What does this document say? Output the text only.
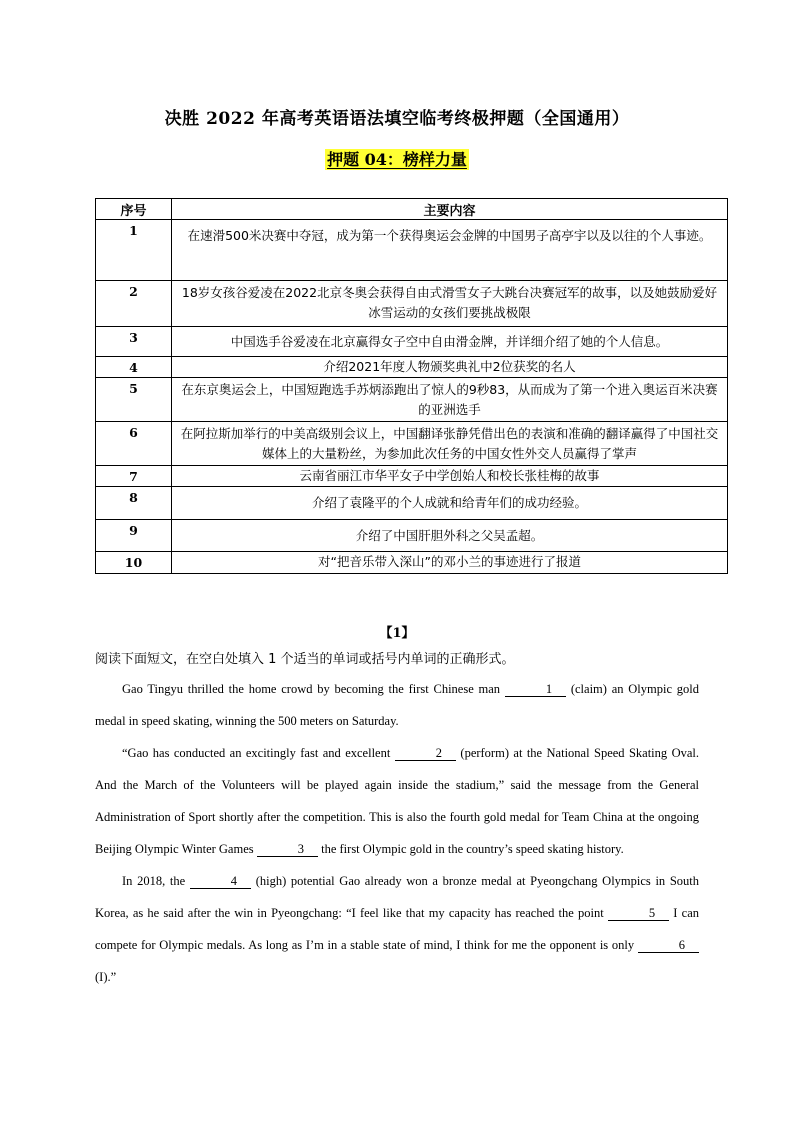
决胜 2022 年高考英语语法填空临考终极押题（全国通用）
押题 04：榜样力量
序号	主要内容
1	在速滑500米决赛中夺冠，成为第一个获得奥运会金牌的中国男子高亭宇以及以往的个人事迹。
2	18岁女孩谷爱凌在2022北京冬奥会获得自由式滑雪女子大跳台决赛冠军的故事，以及她鼓励爱好冰雪运动的女孩们要挑战极限
3	中国选手谷爱凌在北京赢得女子空中自由滑金牌，并详细介绍了她的个人信息。
4	介绍2021年度人物颁奖典礼中2位获奖的名人
5	在东京奥运会上，中国短跑选手苏炳添跑出了惊人的9秒83，从而成为了第一个进入奥运百米决赛的亚洲选手
6	在阿拉斯加举行的中美高级别会议上，中国翻译张静凭借出色的表演和准确的翻译赢得了中国社交媒体上的大量粉丝，为参加此次任务的中国女性外交人员赢得了掌声
7	云南省丽江市华平女子中学创始人和校长张桂梅的故事
8	介绍了袁隆平的个人成就和给青年们的成功经验。
9	介绍了中国肝胆外科之父吴孟超。
10	对“把音乐带入深山”的邓小兰的事迹进行了报道
【1】
阅读下面短文，在空白处填入 1 个适当的单词或括号内单词的正确形式。

Gao Tingyu thrilled the home crowd by becoming the first Chinese man	1 (claim) an Olympic gold medal in speed skating, winning the 500 meters on Saturday.

“Gao has conducted an excitingly fast and excellent	2 (perform) at the National Speed Skating Oval. And the March of the Volunteers will be played again inside the stadium,” said the message from the General Administration of Sport shortly after the competition. This is also the fourth gold medal for Team China at the ongoing Beijing Olympic Winter Games	3 the first Olympic gold in the country’s speed skating history.

In 2018, the	4 (high) potential Gao already won a bronze medal at Pyeongchang Olympics in South Korea, as he said after the win in Pyeongchang: “I feel like that my capacity has reached the point	5 I can compete for Olympic medals. As long as I’m in a stable state of mind, I think for me the opponent is only	6 (I).”
